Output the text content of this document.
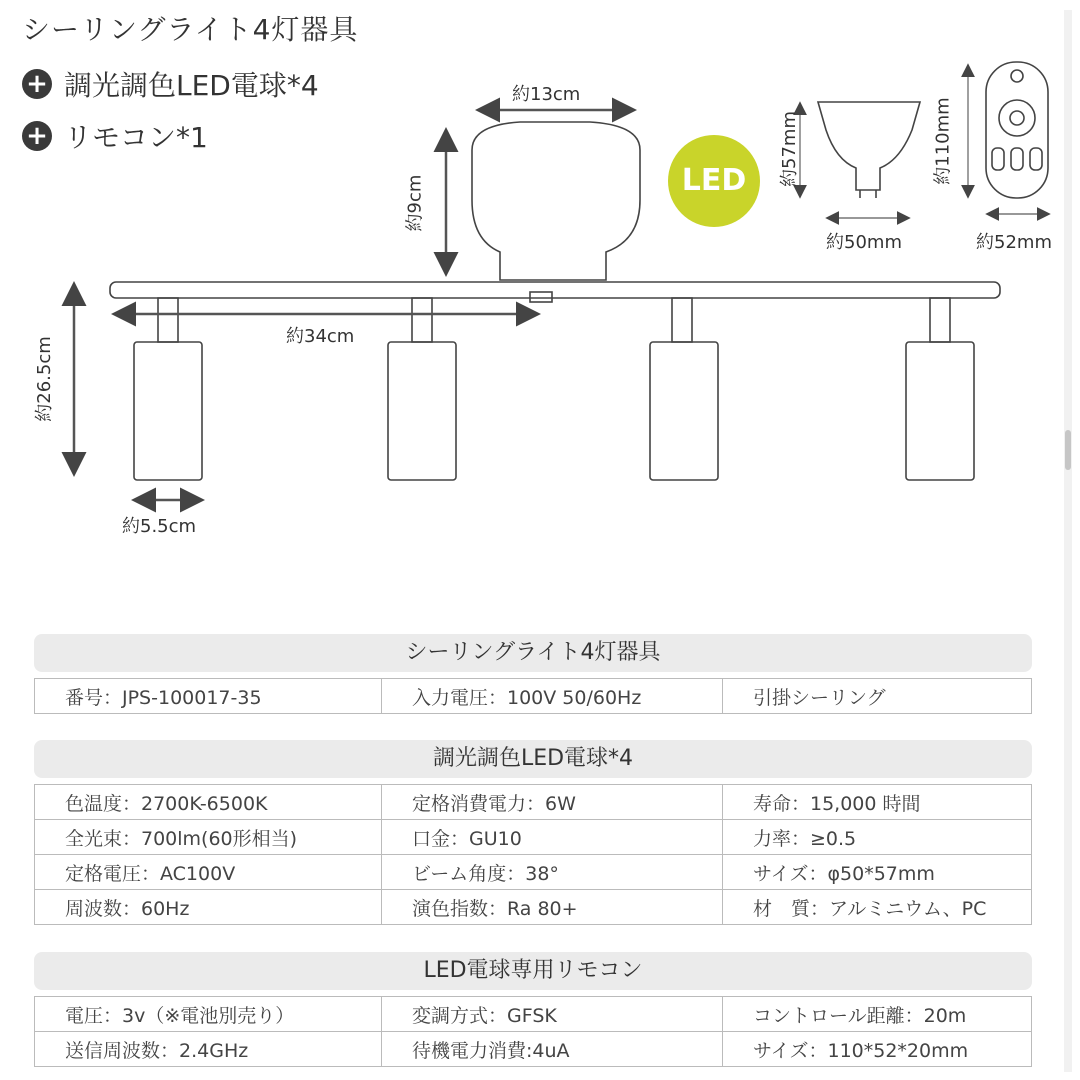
シーリングライト4灯器具
+ 調光調色LED電球*4
+ リモコン*1
LED
約13cm
約9cm
約34cm
約26.5cm
約5.5cm
約57mm
約50mm
約110mm
約52mm
シーリングライト4灯器具
番号：JPS-100017-35	入力電圧：100V 50/60Hz	引掛シーリング
調光調色LED電球*4
色温度：2700K-6500K	定格消費電力：6W	寿命：15,000 時間
全光束：700lm(60形相当)	口金：GU10	力率：≥0.5
定格電圧：AC100V	ビーム角度：38°	サイズ：φ50*57mm
周波数：60Hz	演色指数：Ra 80+	材　質：アルミニウム、PC
LED電球専用リモコン
電圧：3v（※電池別売り）	変調方式：GFSK	コントロール距離：20m
送信周波数：2.4GHz	待機電力消費:4uA	サイズ：110*52*20mm
